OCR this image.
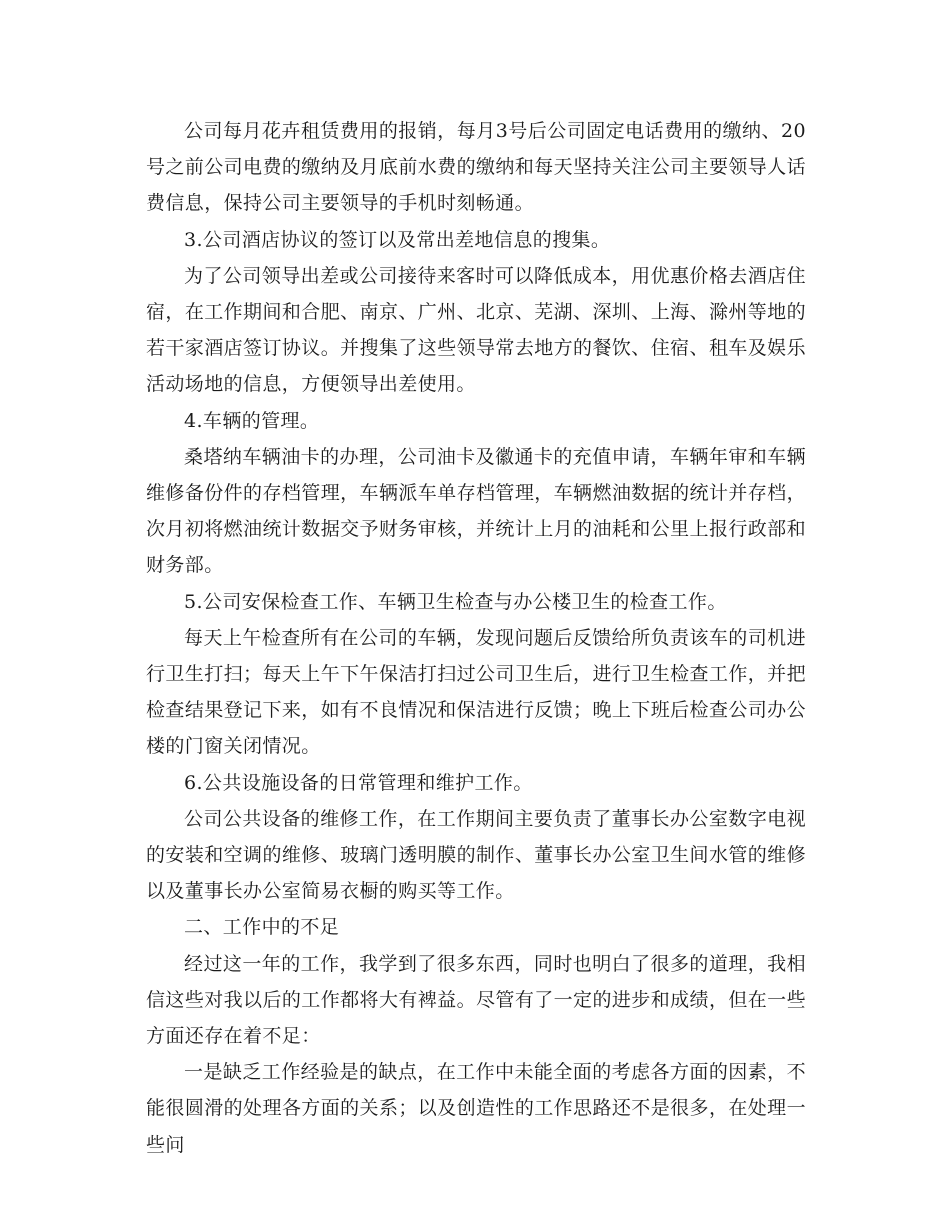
公司每月花卉租赁费用的报销，每月3号后公司固定电话费用的缴纳、20号之前公司电费的缴纳及月底前水费的缴纳和每天坚持关注公司主要领导人话费信息，保持公司主要领导的手机时刻畅通。

3.公司酒店协议的签订以及常出差地信息的搜集。

为了公司领导出差或公司接待来客时可以降低成本，用优惠价格去酒店住宿，在工作期间和合肥、南京、广州、北京、芜湖、深圳、上海、滁州等地的若干家酒店签订协议。并搜集了这些领导常去地方的餐饮、住宿、租车及娱乐活动场地的信息，方便领导出差使用。

4.车辆的管理。

桑塔纳车辆油卡的办理，公司油卡及徽通卡的充值申请，车辆年审和车辆维修备份件的存档管理，车辆派车单存档管理，车辆燃油数据的统计并存档，次月初将燃油统计数据交予财务审核，并统计上月的油耗和公里上报行政部和财务部。

5.公司安保检查工作、车辆卫生检查与办公楼卫生的检查工作。

每天上午检查所有在公司的车辆，发现问题后反馈给所负责该车的司机进行卫生打扫；每天上午下午保洁打扫过公司卫生后，进行卫生检查工作，并把检查结果登记下来，如有不良情况和保洁进行反馈；晚上下班后检查公司办公楼的门窗关闭情况。

6.公共设施设备的日常管理和维护工作。

公司公共设备的维修工作，在工作期间主要负责了董事长办公室数字电视的安装和空调的维修、玻璃门透明膜的制作、董事长办公室卫生间水管的维修以及董事长办公室简易衣橱的购买等工作。

二、工作中的不足

经过这一年的工作，我学到了很多东西，同时也明白了很多的道理，我相信这些对我以后的工作都将大有裨益。尽管有了一定的进步和成绩，但在一些方面还存在着不足：

一是缺乏工作经验是的缺点，在工作中未能全面的考虑各方面的因素，不能很圆滑的处理各方面的关系；以及创造性的工作思路还不是很多，在处理一些问
